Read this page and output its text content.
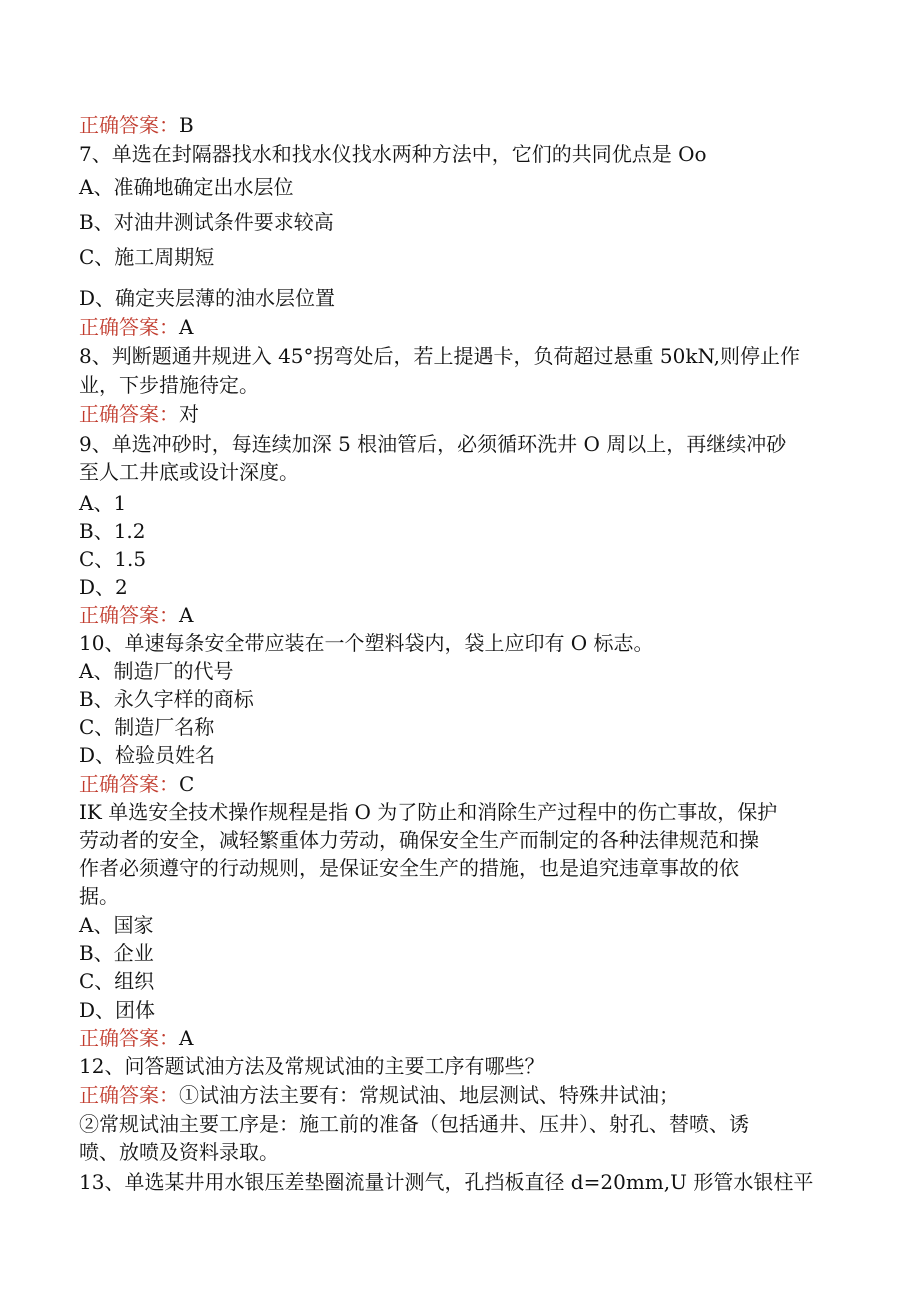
正确答案：B
7、单选在封隔器找水和找水仪找水两种方法中，它们的共同优点是 Oo
A、准确地确定出水层位
B、对油井测试条件要求较高
C、施工周期短
D、确定夹层薄的油水层位置
正确答案：A
8、判断题通井规进入 45°拐弯处后，若上提遇卡，负荷超过悬重 50kN,则停止作
业，下步措施待定。
正确答案：对
9、单选冲砂时，每连续加深 5 根油管后，必须循环洗井 O 周以上，再继续冲砂
至人工井底或设计深度。
A、1
B、1.2
C、1.5
D、2
正确答案：A
10、单速每条安全带应装在一个塑料袋内，袋上应印有 O 标志。
A、制造厂的代号
B、永久字样的商标
C、制造厂名称
D、检验员姓名
正确答案：C
IK 单选安全技术操作规程是指 O 为了防止和消除生产过程中的伤亡事故，保护
劳动者的安全，减轻繁重体力劳动，确保安全生产而制定的各种法律规范和操
作者必须遵守的行动规则，是保证安全生产的措施，也是追究违章事故的依
据。
A、国家
B、企业
C、组织
D、团体
正确答案：A
12、问答题试油方法及常规试油的主要工序有哪些？
正确答案：①试油方法主要有：常规试油、地层测试、特殊井试油；
②常规试油主要工序是：施工前的准备（包括通井、压井）、射孔、替喷、诱
喷、放喷及资料录取。
13、单选某井用水银压差垫圈流量计测气，孔挡板直径 d=20mm,U 形管水银柱平
